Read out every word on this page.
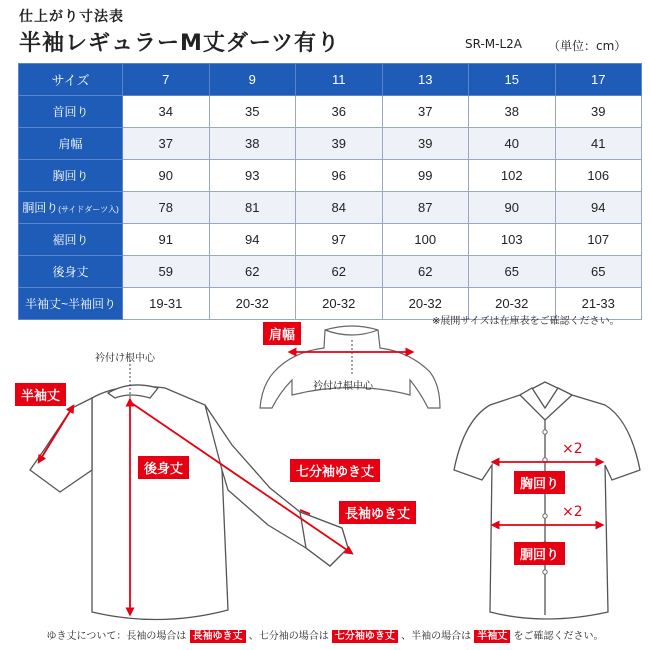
仕上がり寸法表
半袖レギュラーM丈ダーツ有り	SR-M-L2A （単位：cm）
サイズ	7	9	11	13	15	17
首回り	34	35	36	37	38	39
肩幅	37	38	39	39	40	41
胸回り	90	93	96	99	102	106
胴回り(サイドダーツ入)	78	81	84	87	90	94
裾回り	91	94	97	100	103	107
後身丈	59	62	62	62	65	65
半袖丈~半袖回り	19-31	20-32	20-32	20-32	20-32	21-33
※展開サイズは在庫表をご確認ください。
肩幅
衿付け根中心
衿付け根中心
半袖丈
後身丈	七分袖ゆき丈
長袖ゆき丈
胸回り
胴回り
×2
×2
ゆき丈について：長袖の場合は 長袖ゆき丈 、七分袖の場合は 七分袖ゆき丈 、半袖の場合は 半袖丈 をご確認ください。
